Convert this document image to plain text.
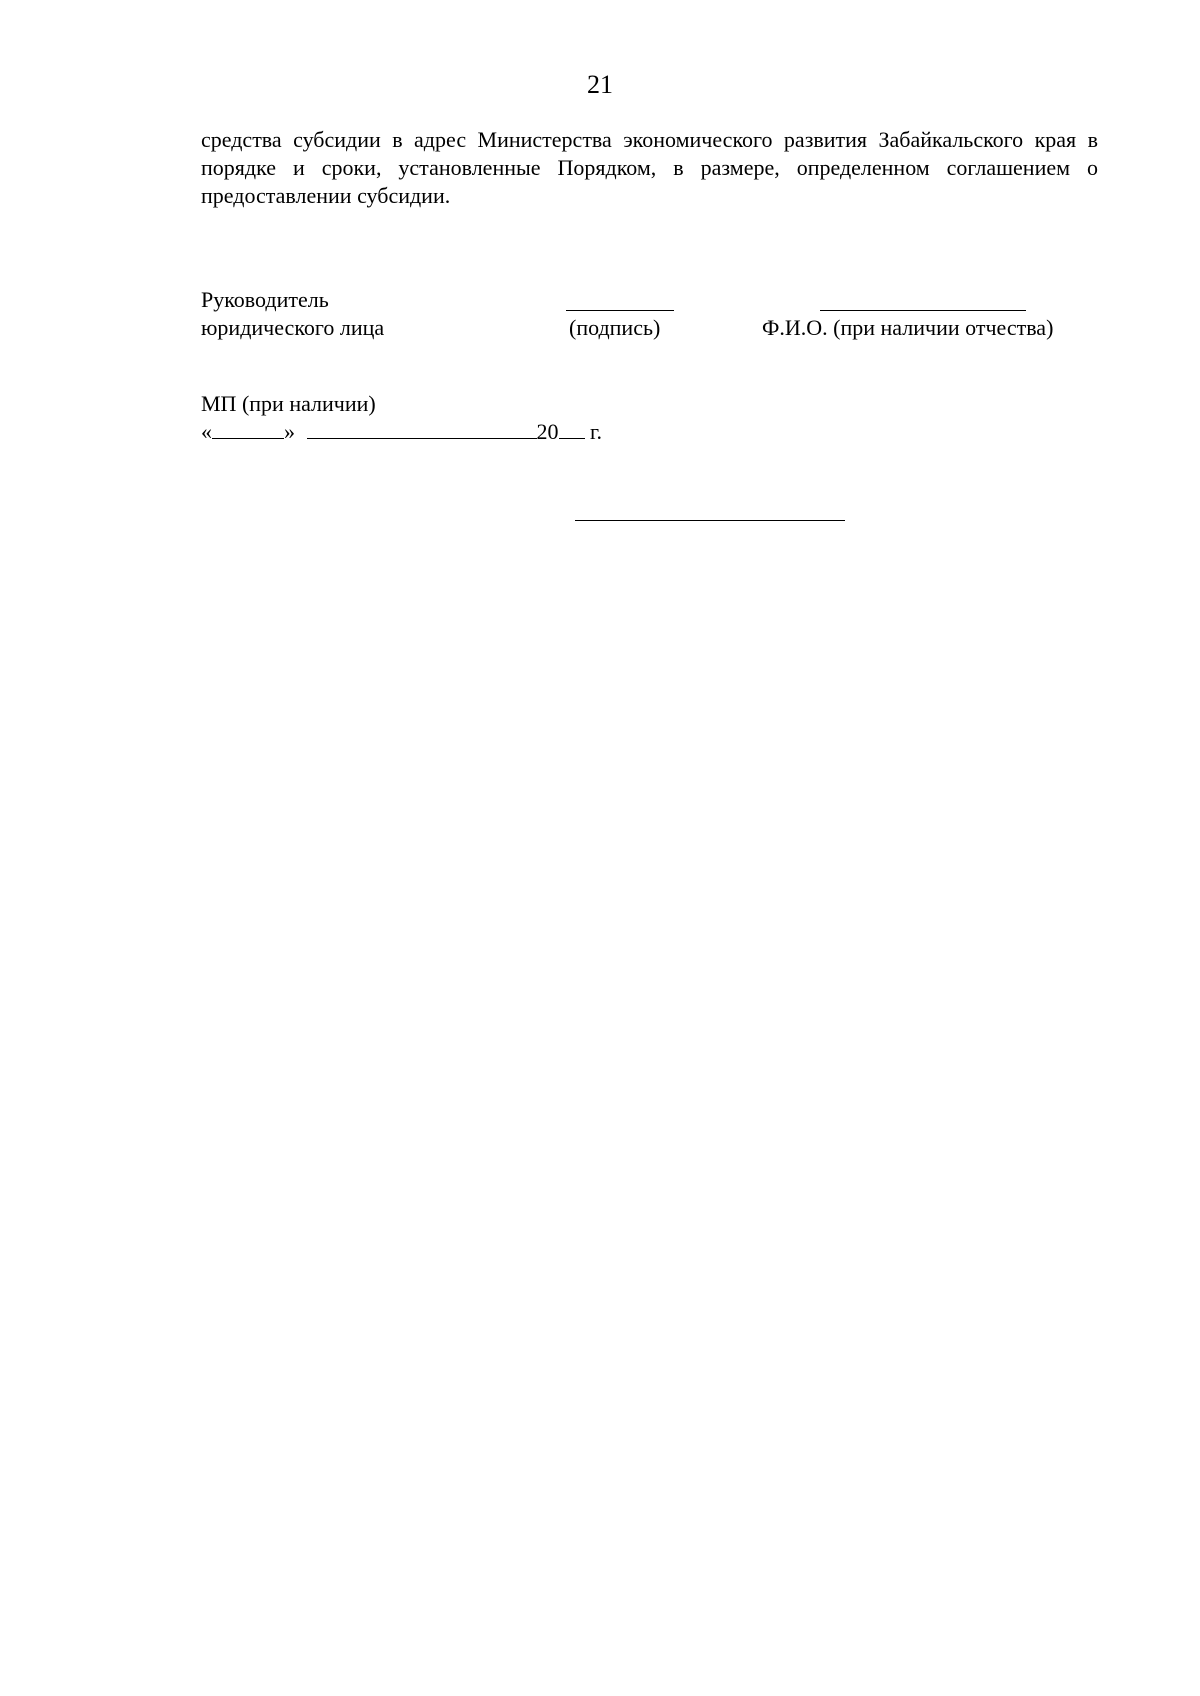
21

средства субсидии в адрес Министерства экономического развития Забайкальского края в порядке и сроки, установленные Порядком, в размере, определенном соглашением о предоставлении субсидии.

Руководитель
юридического лица	(подпись)	Ф.И.О. (при наличии отчества)
МП (при наличии)
«	»	20 г.
